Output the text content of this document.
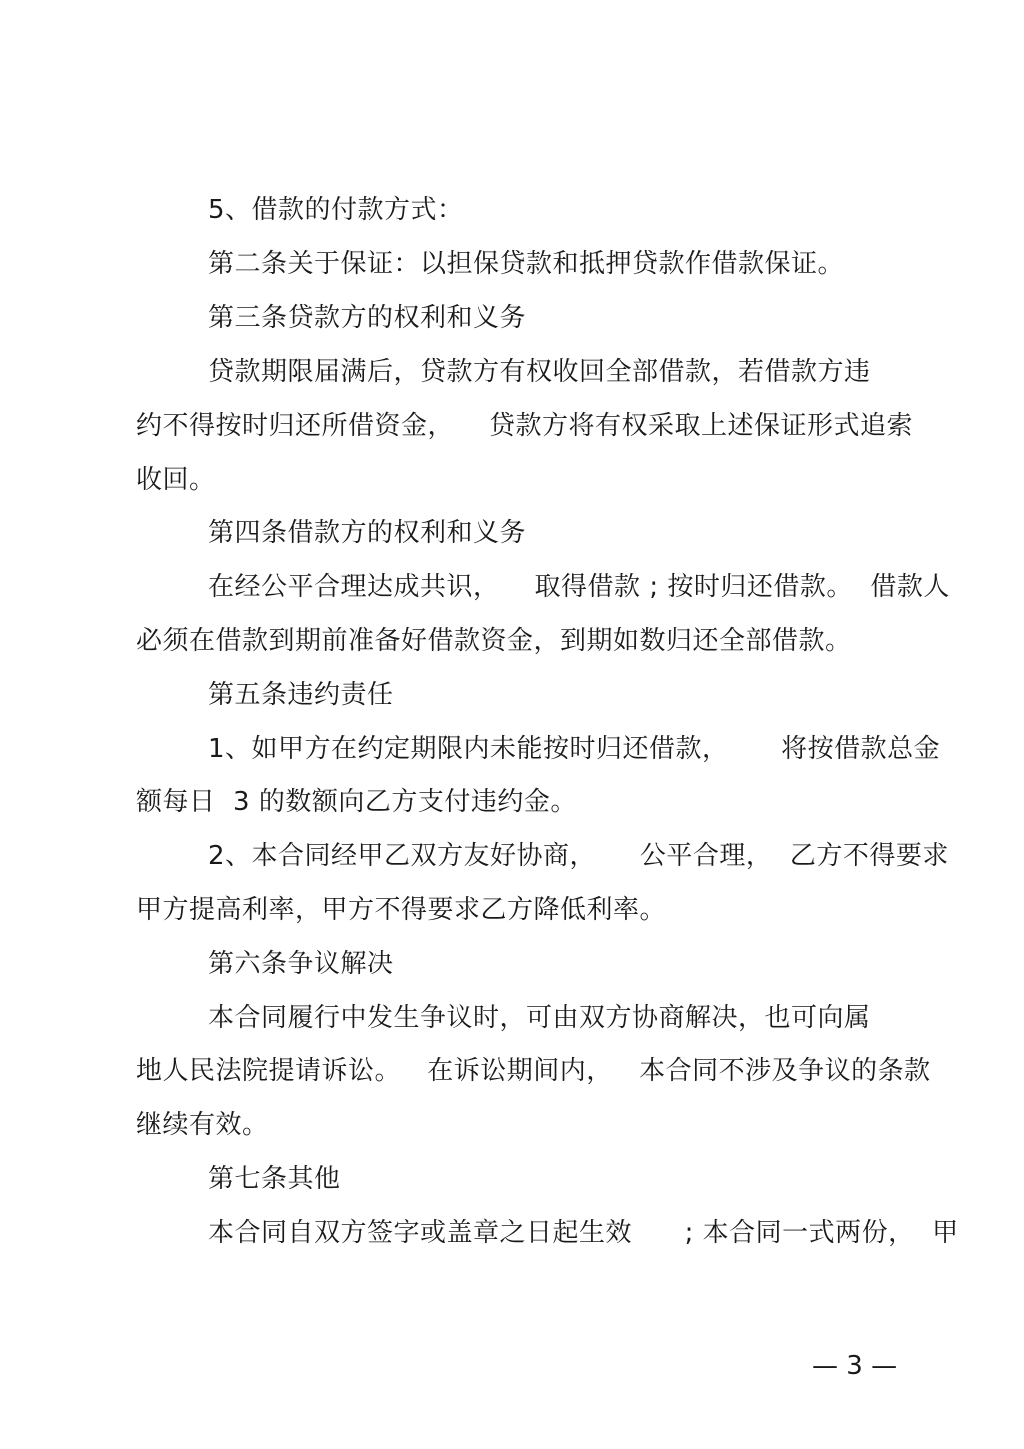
5、借款的付款方式：
第二条关于保证：以担保贷款和抵押贷款作借款保证。
第三条贷款方的权利和义务
贷款期限届满后，贷款方有权收回全部借款，若借款方违
约不得按时归还所借资金，    贷款方将有权采取上述保证形式追索
收回。
第四条借款方的权利和义务
在经公平合理达成共识，    取得借款 ; 按时归还借款。  借款人
必须在借款到期前准备好借款资金，到期如数归还全部借款。
第五条违约责任
1、如甲方在约定期限内未能按时归还借款，      将按借款总金
额每日  3 的数额向乙方支付违约金。
2、本合同经甲乙双方友好协商，     公平合理，  乙方不得要求
甲方提高利率，甲方不得要求乙方降低利率。
第六条争议解决
本合同履行中发生争议时，可由双方协商解决，也可向属
地人民法院提请诉讼。   在诉讼期间内，   本合同不涉及争议的条款
继续有效。
第七条其他
本合同自双方签字或盖章之日起生效      ; 本合同一式两份，  甲
— 3 —
